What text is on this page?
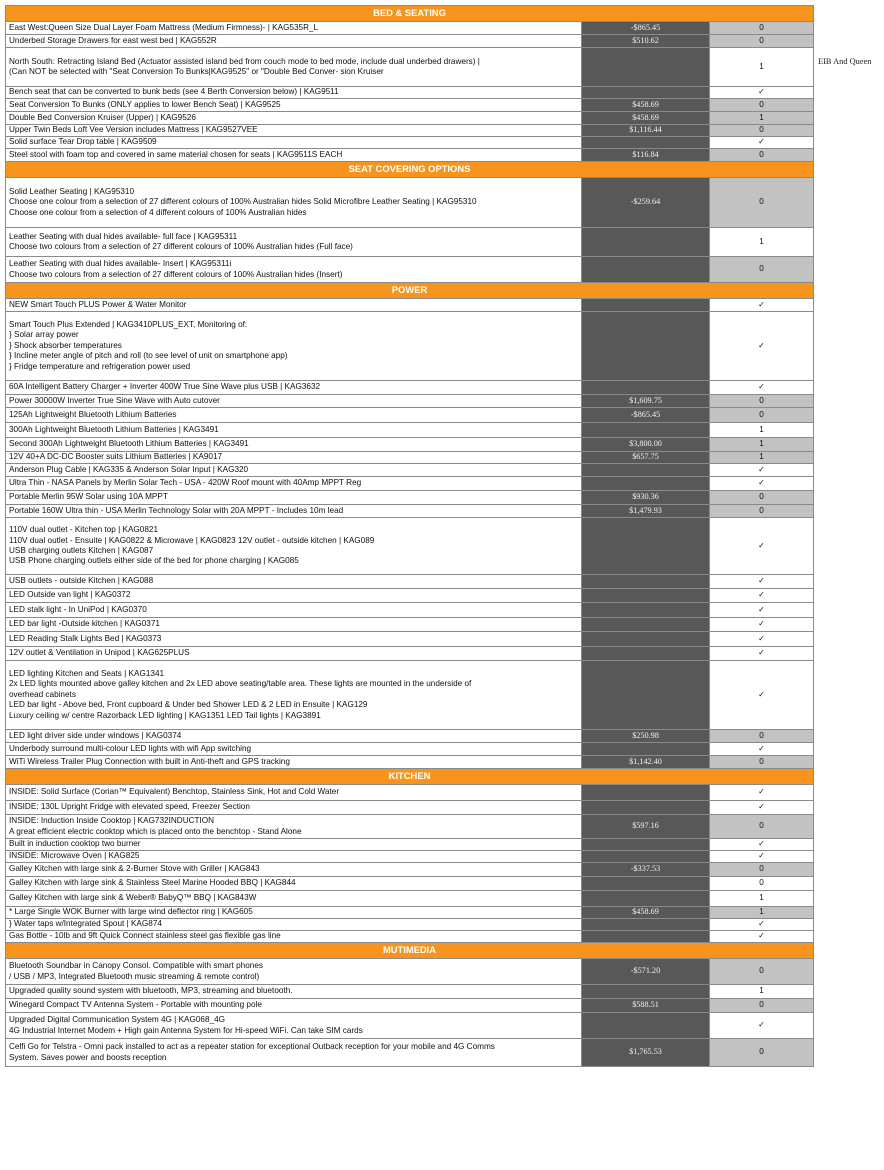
BED & SEATING		

East West:Queen Size Dual Layer Foam Mattress (Medium Firmness)- | KAG535R_L	-$865.45	0

Underbed Storage Drawers for east west bed | KAG552R	$510.62	0

North South: Retracting Island Bed (Actuator assisted island bed from couch mode to bed mode, include dual underbed drawers) |
(Can NOT be selected with "Seat Conversion To Bunks|KAG9525" or "Double Bed Conver- sion Kruiser		1

Bench seat that can be converted to bunk beds (see 4 Berth Conversion below) | KAG9511		✓

Seat Conversion To Bunks (ONLY applies to lower Bench Seat) | KAG9525	$458.69	0

Double Bed Conversion Kruiser (Upper) | KAG9526	$458.69	1

Upper Twin Beds Loft Vee Version includes Mattress | KAG9527VEE	$1,116.44	0

Solid surface Tear Drop table | KAG9509		✓

Steel stool with foam top and covered in same material chosen for seats | KAG9511S EACH	$116.84	0
SEAT COVERING OPTIONS		

Solid Leather Seating | KAG95310
Choose one colour from a selection of 27 different colours of 100% Australian hides Solid Microfibre Leather Seating | KAG95310
Choose one colour from a selection of 4 different colours of 100% Australian hides	-$259.64	0

Leather Seating with dual hides available- full face | KAG95311
Choose two colours from a selection of 27 different colours of 100% Australian hides (Full face)		1

Leather Seating with dual hides available- Insert | KAG95311i
Choose two colours from a selection of 27 different colours of 100% Australian hides (Insert)		0
POWER		

NEW Smart Touch PLUS Power & Water Monitor		✓

Smart Touch Plus Extended | KAG3410PLUS_EXT, Monitoring of:
} Solar array power
} Shock absorber temperatures
} Incline meter angle of pitch and roll (to see level of unit on smartphone app)
} Fridge temperature and refrigeration power used		✓

60A Intelligent Battery Charger + Inverter 400W True Sine Wave plus USB | KAG3632		✓

Power 30000W Inverter True Sine Wave with Auto cutover	$1,609.75	0

125Ah Lightweight Bluetooth Lithium Batteries	-$865.45	0

300Ah Lightweight Bluetooth Lithium Batteries | KAG3491		1

Second 300Ah Lightweight Bluetooth Lithium Batteries | KAG3491	$3,800.00	1

12V 40+A DC-DC Booster suits Lithium Batteries | KA9017	$657.75	1

Anderson Plug Cable | KAG335 & Anderson Solar Input | KAG320		✓

Ultra Thin - NASA Panels by Merlin Solar Tech - USA - 420W Roof mount with 40Amp MPPT Reg		✓

Portable Merlin 95W Solar using 10A MPPT	$930.36	0

Portable 160W Ultra thin - USA Merlin Technology Solar with 20A MPPT - Includes 10m lead	$1,479.93	0

110V dual outlet - Kitchen top | KAG0821
110V dual outlet - Ensuite | KAG0822 & Microwave | KAG0823 12V outlet - outside kitchen | KAG089
USB charging outlets Kitchen | KAG087
USB Phone charging outlets either side of the bed for phone charging | KAG085		✓

USB outlets - outside Kitchen | KAG088		✓

LED Outside van light | KAG0372		✓

LED stalk light - In UniPod | KAG0370		✓

LED bar light -Outside kitchen | KAG0371		✓

LED Reading Stalk Lights Bed | KAG0373		✓

12V outlet & Ventilation in Unipod | KAG625PLUS		✓

LED lighting Kitchen and Seats | KAG1341
2x LED lights mounted above galley kitchen and 2x LED above seating/table area. These lights are mounted in the underside of
overhead cabinets
LED bar light - Above bed, Front cupboard & Under bed Shower LED & 2 LED in Ensuite | KAG129
Luxury ceiling w/ centre Razorback LED lighting | KAG1351 LED Tail lights | KAG3891		✓

LED light driver side under windows | KAG0374	$250.98	0

Underbody surround multi-colour LED lights with wifi App switching		✓

WiTi Wireless Trailer Plug Connection with built in Anti-theft and GPS tracking	$1,142.40	0
KITCHEN		

INSIDE: Solid Surface (Corian™ Equivalent) Benchtop, Stainless Sink, Hot and Cold Water		✓

INSIDE: 130L Upright Fridge with elevated speed, Freezer Section		✓

INSIDE: Induction Inside Cooktop | KAG732INDUCTION
A great efficient electric cooktop which is placed onto the benchtop - Stand Alone	$597.16	0

Built in induction cooktop two burner		✓

INSIDE: Microwave Oven | KAG825		✓

Galley Kitchen with large sink & 2-Burner Stove with Griller | KAG843	-$337.53	0

Galley Kitchen with large sink & Stainless Steel Marine Hooded BBQ | KAG844		0

Galley Kitchen with large sink & Weber® BabyQ™ BBQ | KAG843W		1

* Large Single WOK Burner with large wind deflector ring | KAG605	$458.69	1

} Water taps w/Integrated Spout | KAG874		✓

Gas Bottle - 10lb and 9ft Quick Connect stainless steel gas flexible gas line		✓
MUTIMEDIA		

Bluetooth Soundbar in Canopy Consol. Compatible with smart phones
/ USB / MP3, Integrated Bluetooth music streaming & remote control)	-$571.20	0

Upgraded quality sound system with bluetooth, MP3, streaming and bluetooth.		1

Winegard Compact TV Antenna System - Portable with mounting pole	$588.51	0

Upgraded Digital Communication System 4G | KAG068_4G
4G Industrial Internet Modem + High gain Antenna System for Hi-speed WiFi. Can take SIM cards		✓

Celfi Go for Telstra - Omni pack installed to act as a repeater station for exceptional Outback reception for your mobile and 4G Comms
System. Saves power and boosts reception	$1,765.53	0
EIB And Queen
